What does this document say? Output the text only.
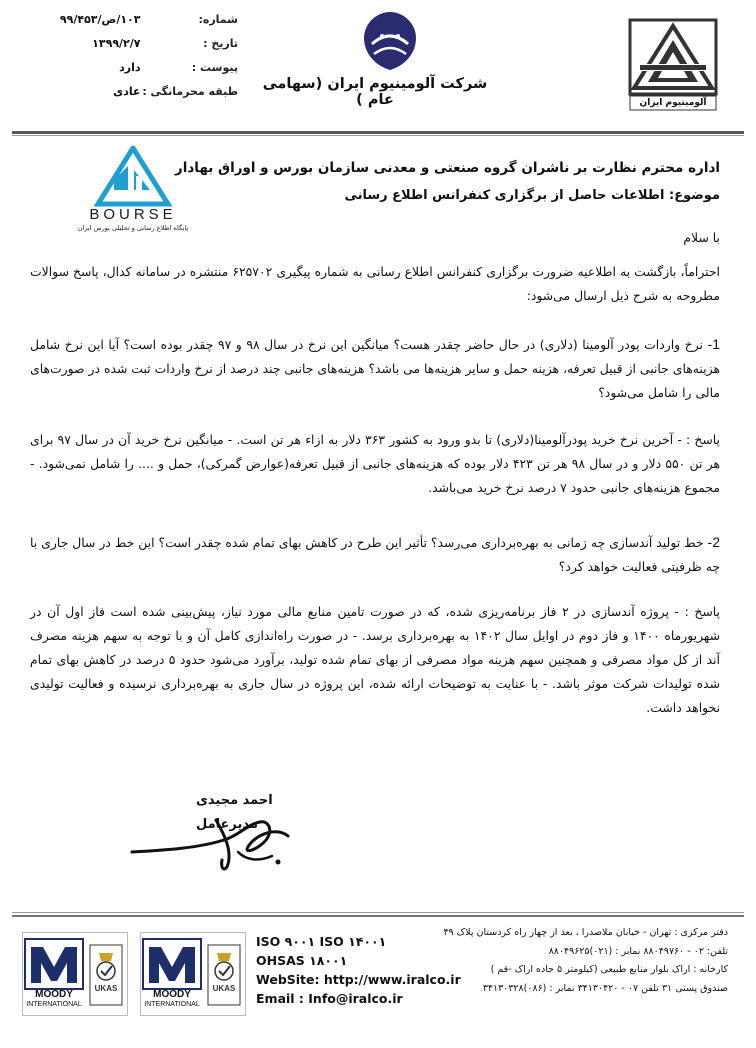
آلومینیوم ایران
شرکت آلومینیوم ایران (سهامی عام )
شماره: ۱۰۳/ص/۹۹/۴۵۳
تاریخ : ۱۳۹۹/۲/۷
پیوست : دارد
طبقه محرمانگی : عادی
BOURSE
پایگاه اطلاع رسانی و تحلیلی بورس ایران
اداره محترم نظارت بر ناشران گروه صنعتی و معدنی سازمان بورس و اوراق بهادار
موضوع: اطلاعات حاصل از برگزاری کنفرانس اطلاع رسانی
با سلام
احتراماً، بازگشت به اطلاعیه ضرورت برگزاری کنفرانس اطلاع رسانی به شماره پیگیری ۶۲۵۷۰۲ منتشره در سامانه کدال، پاسخ سوالات مطروحه به شرح ذیل ارسال می‌شود:
1- نرخ واردات پودر آلومینا (دلاری) در حال حاضر چقدر هست؟ میانگین این نرخ در سال ۹۸ و ۹۷ چقدر بوده است؟ آیا این نرخ شامل هزینه‌های جانبی از قبیل تعرفه، هزینه حمل و سایر هزینه‌ها می باشد؟ هزینه‌های جانبی چند درصد از نرخ واردات ثبت شده در صورت‌های مالی را شامل می‌شود؟
پاسخ : - آخرین نرخ خرید پودرآلومینا(دلاری) تا بدو ورود به کشور ۳۶۳ دلار به ازاء هر تن است. - میانگین نرخ خرید آن در سال ۹۷ برای هر تن ۵۵۰ دلار و در سال ۹۸ هر تن ۴۲۳ دلار بوده که هزینه‌های جانبی از قبیل تعرفه(عوارض گمرکی)، حمل و .... را شامل نمی‌شود. - مجموع هزینه‌های جانبی حدود ۷ درصد نرخ خرید می‌باشد.
2- خط تولید آندسازی چه زمانی به بهره‌برداری می‌رسد؟ تأثیر این طرح در کاهش بهای تمام شده چقدر است؟ این خط در سال جاری با چه ظرفیتی فعالیت خواهد کرد؟
پاسخ : - پروژه آندسازی در ۲ فاز برنامه‌ریزی شده، که در صورت تامین منابع مالی مورد نیاز، پیش‌بینی شده است فاز اول آن در شهریورماه ۱۴۰۰ و فاز دوم در اوایل سال ۱۴۰۲ به بهره‌برداری برسد. - در صورت راه‌اندازی کامل آن و با توجه به سهم هزینه مصرف آند از کل مواد مصرفی و همچنین سهم هزینه مواد مصرفی از بهای تمام شده تولید، برآورد می‌شود حدود ۵ درصد در کاهش بهای تمام شده تولیدات شرکت موثر باشد. - با عنایت به توضیحات ارائه شده، این پروژه در سال جاری به بهره‌برداری نرسیده و فعالیت تولیدی نخواهد داشت.
احمد مجیدی
مدیرعامل
MOODY
INTERNATIONAL
UKAS
MOODY
INTERNATIONAL
UKAS
ISO ۹۰۰۱ ISO ۱۴۰۰۱
OHSAS ۱۸۰۰۱
WebSite: http://www.iralco.ir
Email : Info@iralco.ir
دفتر مرکزی : تهران - خیابان ملاصدرا ، بعد از چهار راه کردستان پلاک ۴۹
تلفن: ۰۲ - ۸۸۰۴۹۷۶۰ نمابر : (۰۲۱)۸۸۰۴۹۶۲۵
کارخانه : اراک بلوار منابع طبیعی (کیلومتر ۵ جاده اراک -قم )
صندوق پستی ۳۱ تلفن ۰۷ - ۳۴۱۳۰۴۲۰ نمابر : (۰۸۶)۳۴۱۳۰۳۲۸
